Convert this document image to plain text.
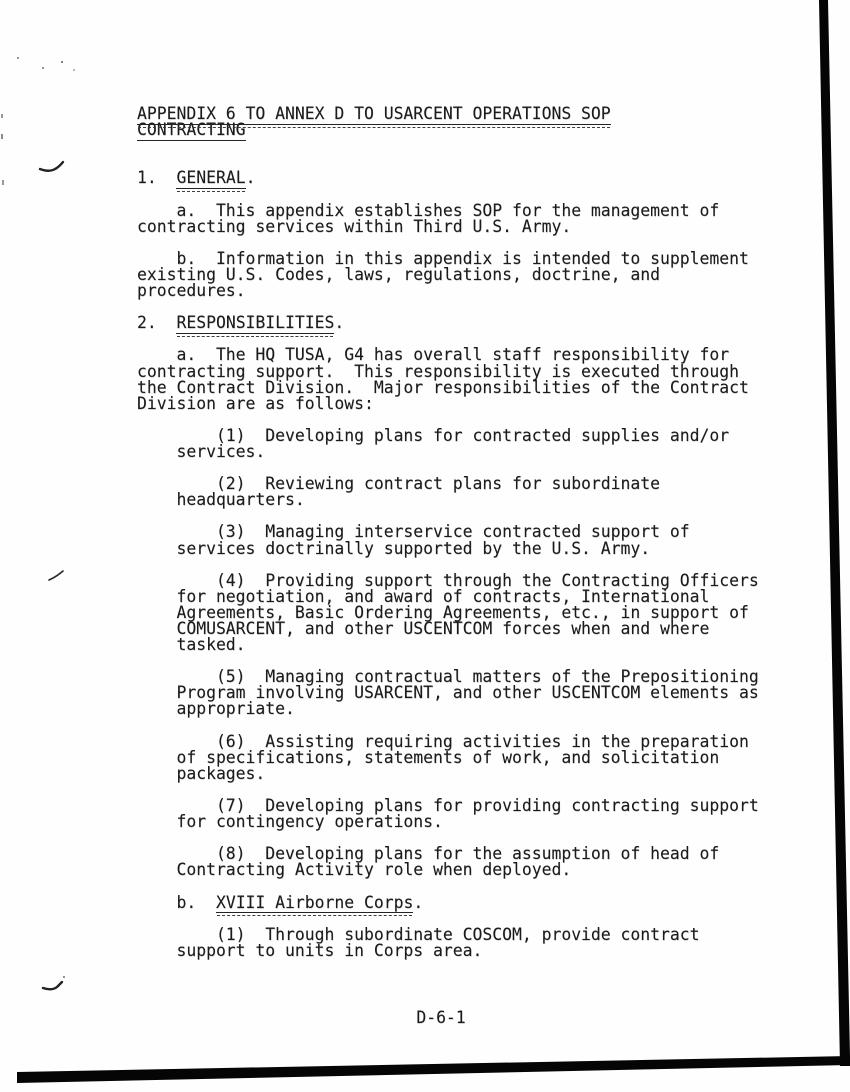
APPENDIX 6 TO ANNEX D TO USARCENT OPERATIONS SOP
CONTRACTING

1.  GENERAL.

a.  This appendix establishes SOP for the management of
contracting services within Third U.S. Army.

b.  Information in this appendix is intended to supplement
existing U.S. Codes, laws, regulations, doctrine, and
procedures.

2.  RESPONSIBILITIES.

a.  The HQ TUSA, G4 has overall staff responsibility for
contracting support.  This responsibility is executed through
the Contract Division.  Major responsibilities of the Contract
Division are as follows:

(1)  Developing plans for contracted supplies and/or
services.

(2)  Reviewing contract plans for subordinate
headquarters.

(3)  Managing interservice contracted support of
services doctrinally supported by the U.S. Army.

(4)  Providing support through the Contracting Officers
for negotiation, and award of contracts, International
Agreements, Basic Ordering Agreements, etc., in support of
COMUSARCENT, and other USCENTCOM forces when and where
tasked.

(5)  Managing contractual matters of the Prepositioning
Program involving USARCENT, and other USCENTCOM elements as
appropriate.

(6)  Assisting requiring activities in the preparation
of specifications, statements of work, and solicitation
packages.

(7)  Developing plans for providing contracting support
for contingency operations.

(8)  Developing plans for the assumption of head of
Contracting Activity role when deployed.

b.  XVIII Airborne Corps.

(1)  Through subordinate COSCOM, provide contract
support to units in Corps area.
D-6-1
